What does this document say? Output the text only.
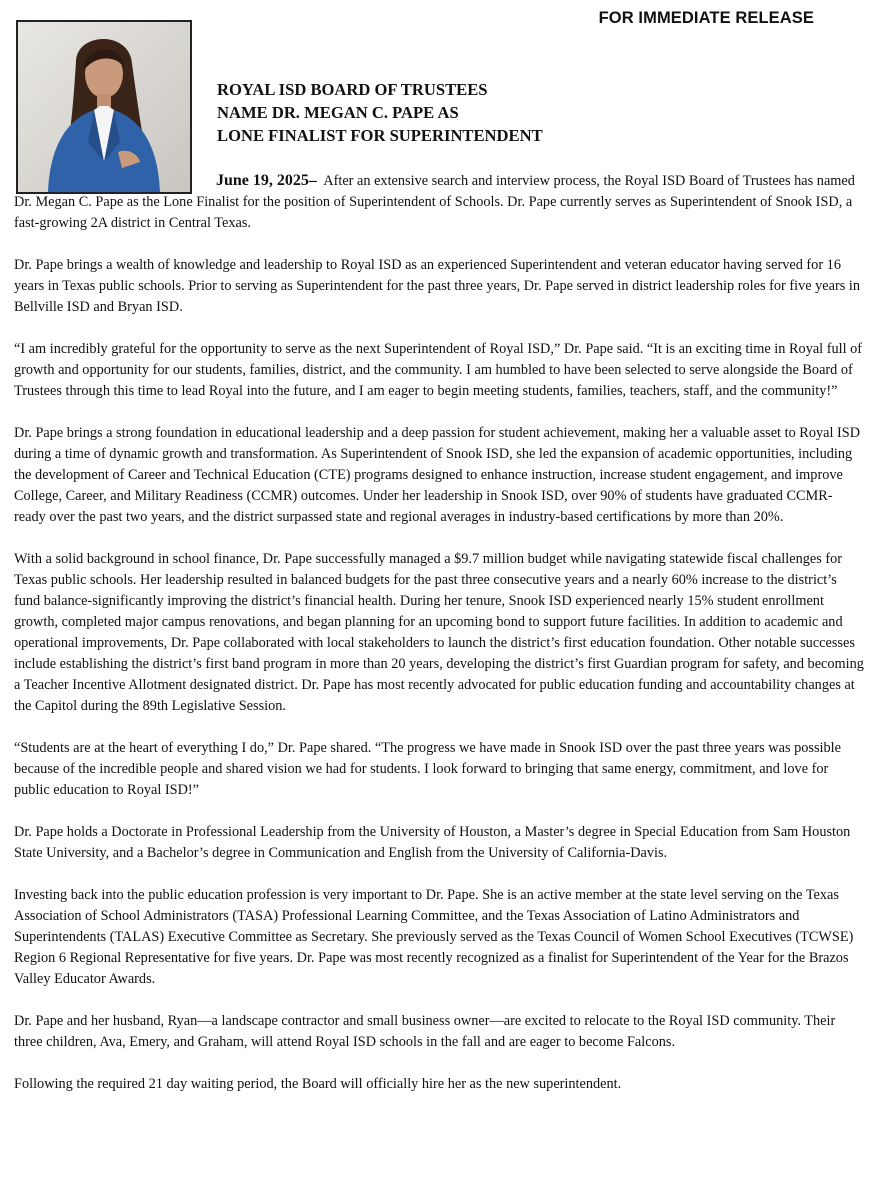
FOR IMMEDIATE RELEASE
ROYAL ISD BOARD OF TRUSTEES
NAME DR. MEGAN C. PAPE AS
LONE FINALIST FOR SUPERINTENDENT

June 19, 2025– After an extensive search and interview process, the Royal ISD Board of Trustees has named Dr. Megan C. Pape as the Lone Finalist for the position of Superintendent of Schools. Dr. Pape currently serves as Superintendent of Snook ISD, a fast-growing 2A district in Central Texas.

Dr. Pape brings a wealth of knowledge and leadership to Royal ISD as an experienced Superintendent and veteran educator having served for 16 years in Texas public schools. Prior to serving as Superintendent for the past three years, Dr. Pape served in district leadership roles for five years in Bellville ISD and Bryan ISD.

“I am incredibly grateful for the opportunity to serve as the next Superintendent of Royal ISD,” Dr. Pape said. “It is an exciting time in Royal full of growth and opportunity for our students, families, district, and the community. I am humbled to have been selected to serve alongside the Board of Trustees through this time to lead Royal into the future, and I am eager to begin meeting students, families, teachers, staff, and the community!”

Dr. Pape brings a strong foundation in educational leadership and a deep passion for student achievement, making her a valuable asset to Royal ISD during a time of dynamic growth and transformation. As Superintendent of Snook ISD, she led the expansion of academic opportunities, including the development of Career and Technical Education (CTE) programs designed to enhance instruction, increase student engagement, and improve College, Career, and Military Readiness (CCMR) outcomes. Under her leadership in Snook ISD, over 90% of students have graduated CCMR-ready over the past two years, and the district surpassed state and regional averages in industry-based certifications by more than 20%.

With a solid background in school finance, Dr. Pape successfully managed a $9.7 million budget while navigating statewide fiscal challenges for Texas public schools. Her leadership resulted in balanced budgets for the past three consecutive years and a nearly 60% increase to the district’s fund balance-significantly improving the district’s financial health. During her tenure, Snook ISD experienced nearly 15% student enrollment growth, completed major campus renovations, and began planning for an upcoming bond to support future facilities. In addition to academic and operational improvements, Dr. Pape collaborated with local stakeholders to launch the district’s first education foundation. Other notable successes include establishing the district’s first band program in more than 20 years, developing the district’s first Guardian program for safety, and becoming a Teacher Incentive Allotment designated district. Dr. Pape has most recently advocated for public education funding and accountability changes at the Capitol during the 89th Legislative Session.

“Students are at the heart of everything I do,” Dr. Pape shared. “The progress we have made in Snook ISD over the past three years was possible because of the incredible people and shared vision we had for students. I look forward to bringing that same energy, commitment, and love for public education to Royal ISD!”

Dr. Pape holds a Doctorate in Professional Leadership from the University of Houston, a Master’s degree in Special Education from Sam Houston State University, and a Bachelor’s degree in Communication and English from the University of California-Davis.

Investing back into the public education profession is very important to Dr. Pape. She is an active member at the state level serving on the Texas Association of School Administrators (TASA) Professional Learning Committee, and the Texas Association of Latino Administrators and Superintendents (TALAS) Executive Committee as Secretary. She previously served as the Texas Council of Women School Executives (TCWSE) Region 6 Regional Representative for five years. Dr. Pape was most recently recognized as a finalist for Superintendent of the Year for the Brazos Valley Educator Awards.

Dr. Pape and her husband, Ryan—a landscape contractor and small business owner—are excited to relocate to the Royal ISD community. Their three children, Ava, Emery, and Graham, will attend Royal ISD schools in the fall and are eager to become Falcons.

Following the required 21 day waiting period, the Board will officially hire her as the new superintendent.
